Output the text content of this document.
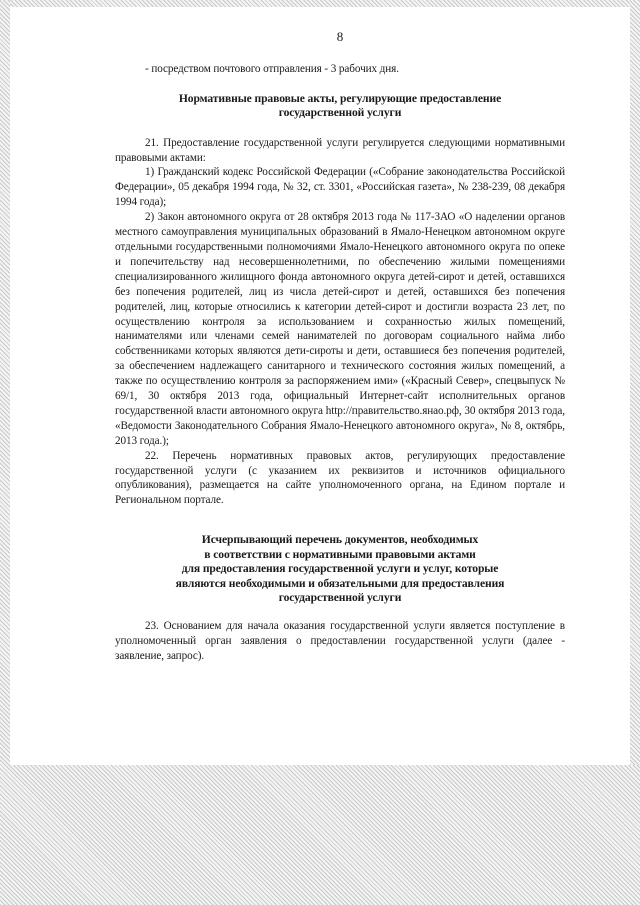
8

- посредством почтового отправления - 3 рабочих дня.

Нормативные правовые акты, регулирующие предоставление
государственной услуги

21. Предоставление государственной услуги регулируется следующими нормативными правовыми актами:

1) Гражданский кодекс Российской Федерации («Собрание законодательства Российской Федерации», 05 декабря 1994 года, № 32, ст. 3301, «Российская газета», № 238-239, 08 декабря 1994 года);

2) Закон автономного округа от 28 октября 2013 года № 117-ЗАО «О наделении органов местного самоуправления муниципальных образований в Ямало-Ненецком автономном округе отдельными государственными полномочиями Ямало-Ненецкого автономного округа по опеке и попечительству над несовершеннолетними, по обеспечению жилыми помещениями специализированного жилищного фонда автономного округа детей-сирот и детей, оставшихся без попечения родителей, лиц из числа детей-сирот и детей, оставшихся без попечения родителей, лиц, которые относились к категории детей-сирот и достигли возраста 23 лет, по осуществлению контроля за использованием и сохранностью жилых помещений, нанимателями или членами семей нанимателей по договорам социального найма либо собственниками которых являются дети-сироты и дети, оставшиеся без попечения родителей, за обеспечением надлежащего санитарного и технического состояния жилых помещений, а также по осуществлению контроля за распоряжением ими» («Красный Север», спецвыпуск № 69/1, 30 октября 2013 года, официальный Интернет-сайт исполнительных органов государственной власти автономного округа http://правительство.янао.рф, 30 октября 2013 года, «Ведомости Законодательного Собрания Ямало-Ненецкого автономного округа», № 8, октябрь, 2013 года.);

22. Перечень нормативных правовых актов, регулирующих предоставление государственной услуги (с указанием их реквизитов и источников официального опубликования), размещается на сайте уполномоченного органа, на Едином портале и Региональном портале.

Исчерпывающий перечень документов, необходимых
в соответствии с нормативными правовыми актами
для предоставления государственной услуги и услуг, которые
являются необходимыми и обязательными для предоставления
государственной услуги

23. Основанием для начала оказания государственной услуги является поступление в уполномоченный орган заявления о предоставлении государственной услуги (далее - заявление, запрос).
